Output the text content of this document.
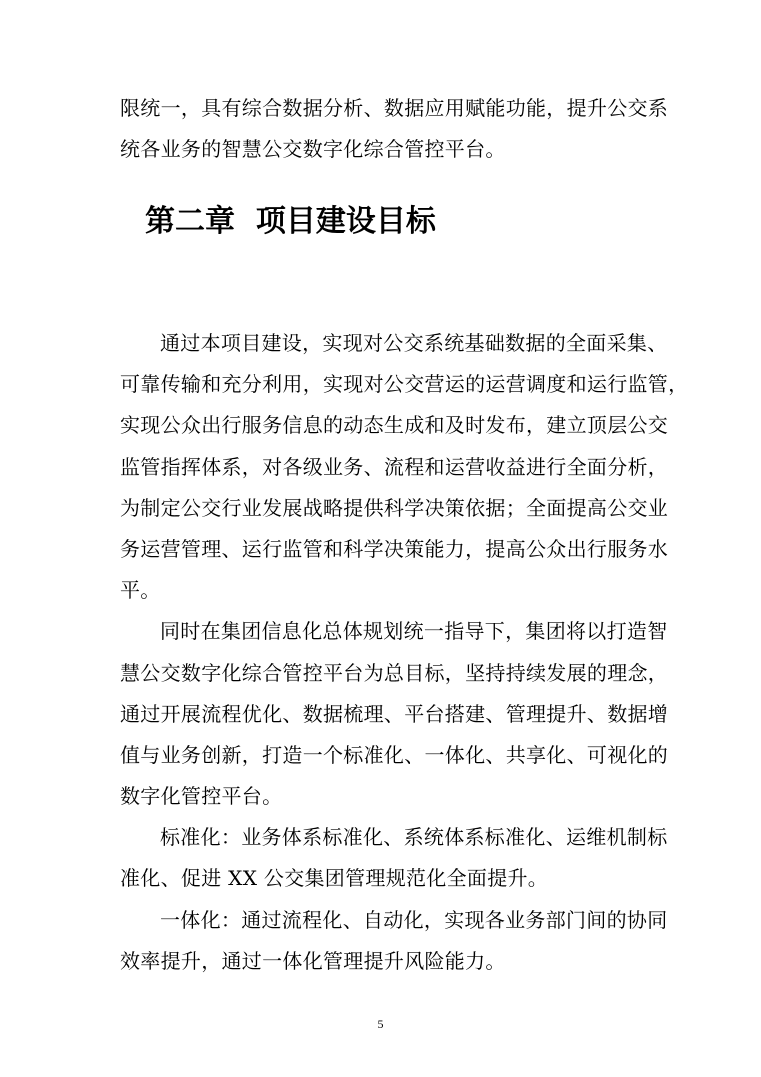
限统一，具有综合数据分析、数据应用赋能功能，提升公交系
统各业务的智慧公交数字化综合管控平台。
第二章  项目建设目标
通过本项目建设，实现对公交系统基础数据的全面采集、
可靠传输和充分利用，实现对公交营运的运营调度和运行监管，
实现公众出行服务信息的动态生成和及时发布，建立顶层公交
监管指挥体系，对各级业务、流程和运营收益进行全面分析，
为制定公交行业发展战略提供科学决策依据；全面提高公交业
务运营管理、运行监管和科学决策能力，提高公众出行服务水
平。
同时在集团信息化总体规划统一指导下，集团将以打造智
慧公交数字化综合管控平台为总目标，坚持持续发展的理念，
通过开展流程优化、数据梳理、平台搭建、管理提升、数据增
值与业务创新，打造一个标准化、一体化、共享化、可视化的
数字化管控平台。
标准化：业务体系标准化、系统体系标准化、运维机制标
准化、促进 XX 公交集团管理规范化全面提升。
一体化：通过流程化、自动化，实现各业务部门间的协同
效率提升，通过一体化管理提升风险能力。
5
